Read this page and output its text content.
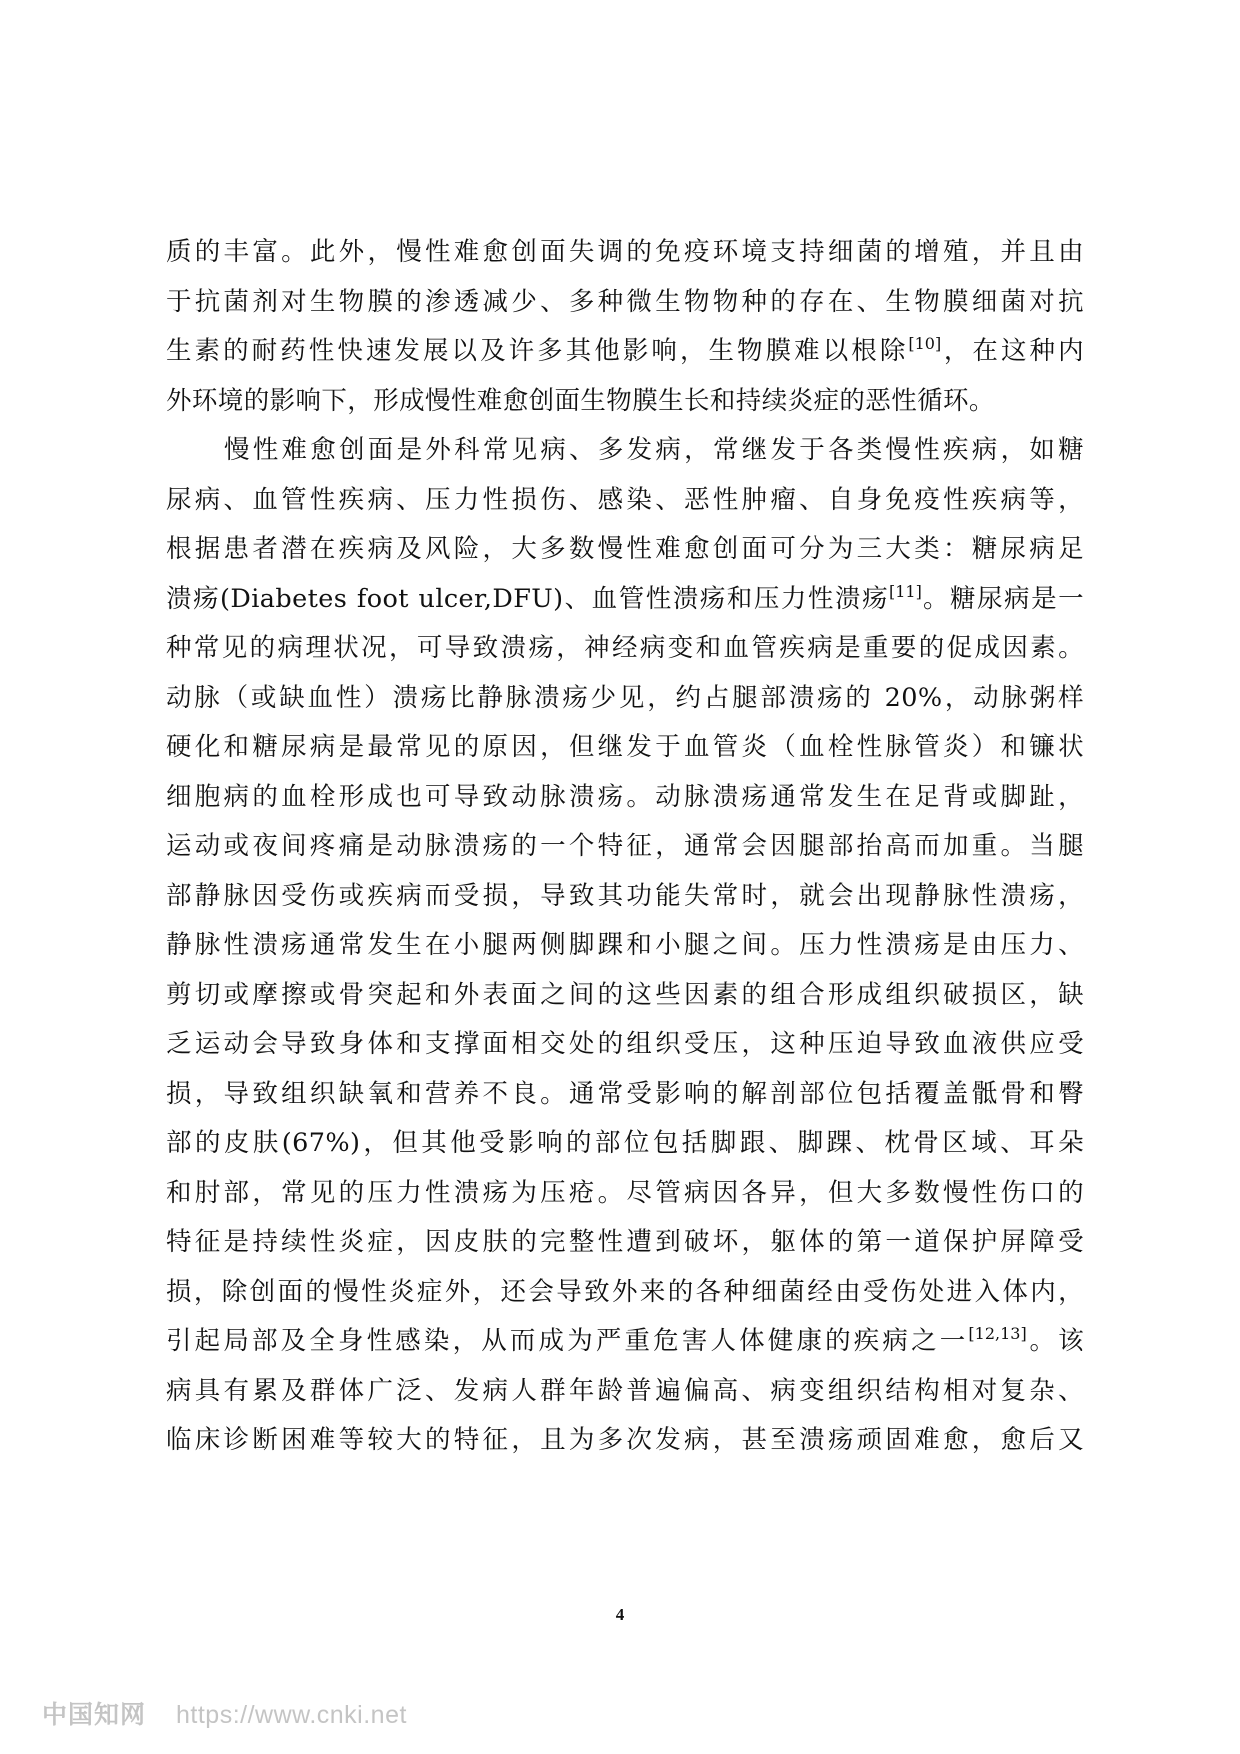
质的丰富。此外，慢性难愈创面失调的免疫环境支持细菌的增殖，并且由
于抗菌剂对生物膜的渗透减少、多种微生物物种的存在、生物膜细菌对抗
生素的耐药性快速发展以及许多其他影响，生物膜难以根除[10]，在这种内
外环境的影响下，形成慢性难愈创面生物膜生长和持续炎症的恶性循环。
慢性难愈创面是外科常见病、多发病，常继发于各类慢性疾病，如糖
尿病、血管性疾病、压力性损伤、感染、恶性肿瘤、自身免疫性疾病等，
根据患者潜在疾病及风险，大多数慢性难愈创面可分为三大类：糖尿病足
溃疡(Diabetes foot ulcer,DFU)、血管性溃疡和压力性溃疡[11]。糖尿病是一
种常见的病理状况，可导致溃疡，神经病变和血管疾病是重要的促成因素。
动脉（或缺血性）溃疡比静脉溃疡少见，约占腿部溃疡的 20%，动脉粥样
硬化和糖尿病是最常见的原因，但继发于血管炎（血栓性脉管炎）和镰状
细胞病的血栓形成也可导致动脉溃疡。动脉溃疡通常发生在足背或脚趾，
运动或夜间疼痛是动脉溃疡的一个特征，通常会因腿部抬高而加重。当腿
部静脉因受伤或疾病而受损，导致其功能失常时，就会出现静脉性溃疡，
静脉性溃疡通常发生在小腿两侧脚踝和小腿之间。压力性溃疡是由压力、
剪切或摩擦或骨突起和外表面之间的这些因素的组合形成组织破损区，缺
乏运动会导致身体和支撑面相交处的组织受压，这种压迫导致血液供应受
损，导致组织缺氧和营养不良。通常受影响的解剖部位包括覆盖骶骨和臀
部的皮肤(67%)，但其他受影响的部位包括脚跟、脚踝、枕骨区域、耳朵
和肘部，常见的压力性溃疡为压疮。尽管病因各异，但大多数慢性伤口的
特征是持续性炎症，因皮肤的完整性遭到破坏，躯体的第一道保护屏障受
损，除创面的慢性炎症外，还会导致外来的各种细菌经由受伤处进入体内，
引起局部及全身性感染，从而成为严重危害人体健康的疾病之一[12,13]。该
病具有累及群体广泛、发病人群年龄普遍偏高、病变组织结构相对复杂、
临床诊断困难等较大的特征，且为多次发病，甚至溃疡顽固难愈，愈后又
4
中国知网 https://www.cnki.net
